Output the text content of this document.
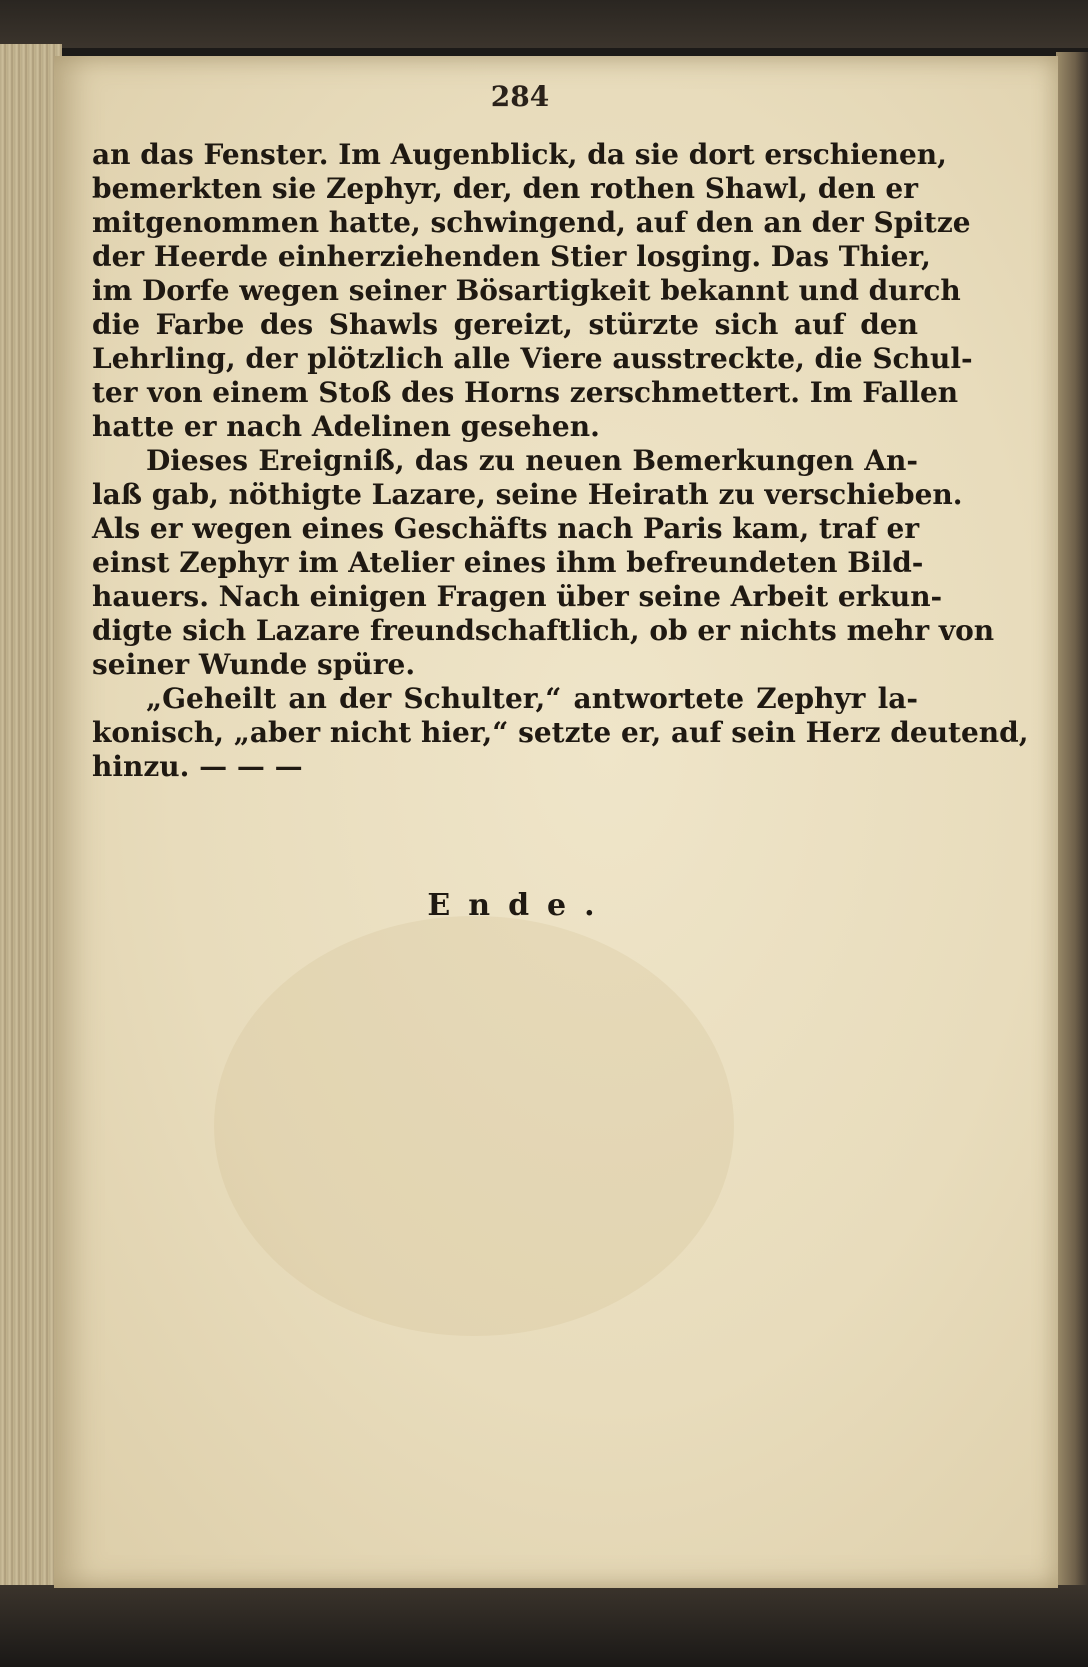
284
an das Fenster. Im Augenblick, da sie dort erschienen,
bemerkten sie Zephyr, der, den rothen Shawl, den er
mitgenommen hatte, schwingend, auf den an der Spitze
der Heerde einherziehenden Stier losging. Das Thier,
im Dorfe wegen seiner Bösartigkeit bekannt und durch
die Farbe des Shawls gereizt, stürzte sich auf den
Lehrling, der plötzlich alle Viere ausstreckte, die Schul-
ter von einem Stoß des Horns zerschmettert. Im Fallen
hatte er nach Adelinen gesehen.
Dieses Ereigniß, das zu neuen Bemerkungen An-
laß gab, nöthigte Lazare, seine Heirath zu verschieben.
Als er wegen eines Geschäfts nach Paris kam, traf er
einst Zephyr im Atelier eines ihm befreundeten Bild-
hauers. Nach einigen Fragen über seine Arbeit erkun-
digte sich Lazare freundschaftlich, ob er nichts mehr von
seiner Wunde spüre.
„Geheilt an der Schulter,“ antwortete Zephyr la-
konisch, „aber nicht hier,“ setzte er, auf sein Herz deutend,
hinzu. — — —
Ende.
